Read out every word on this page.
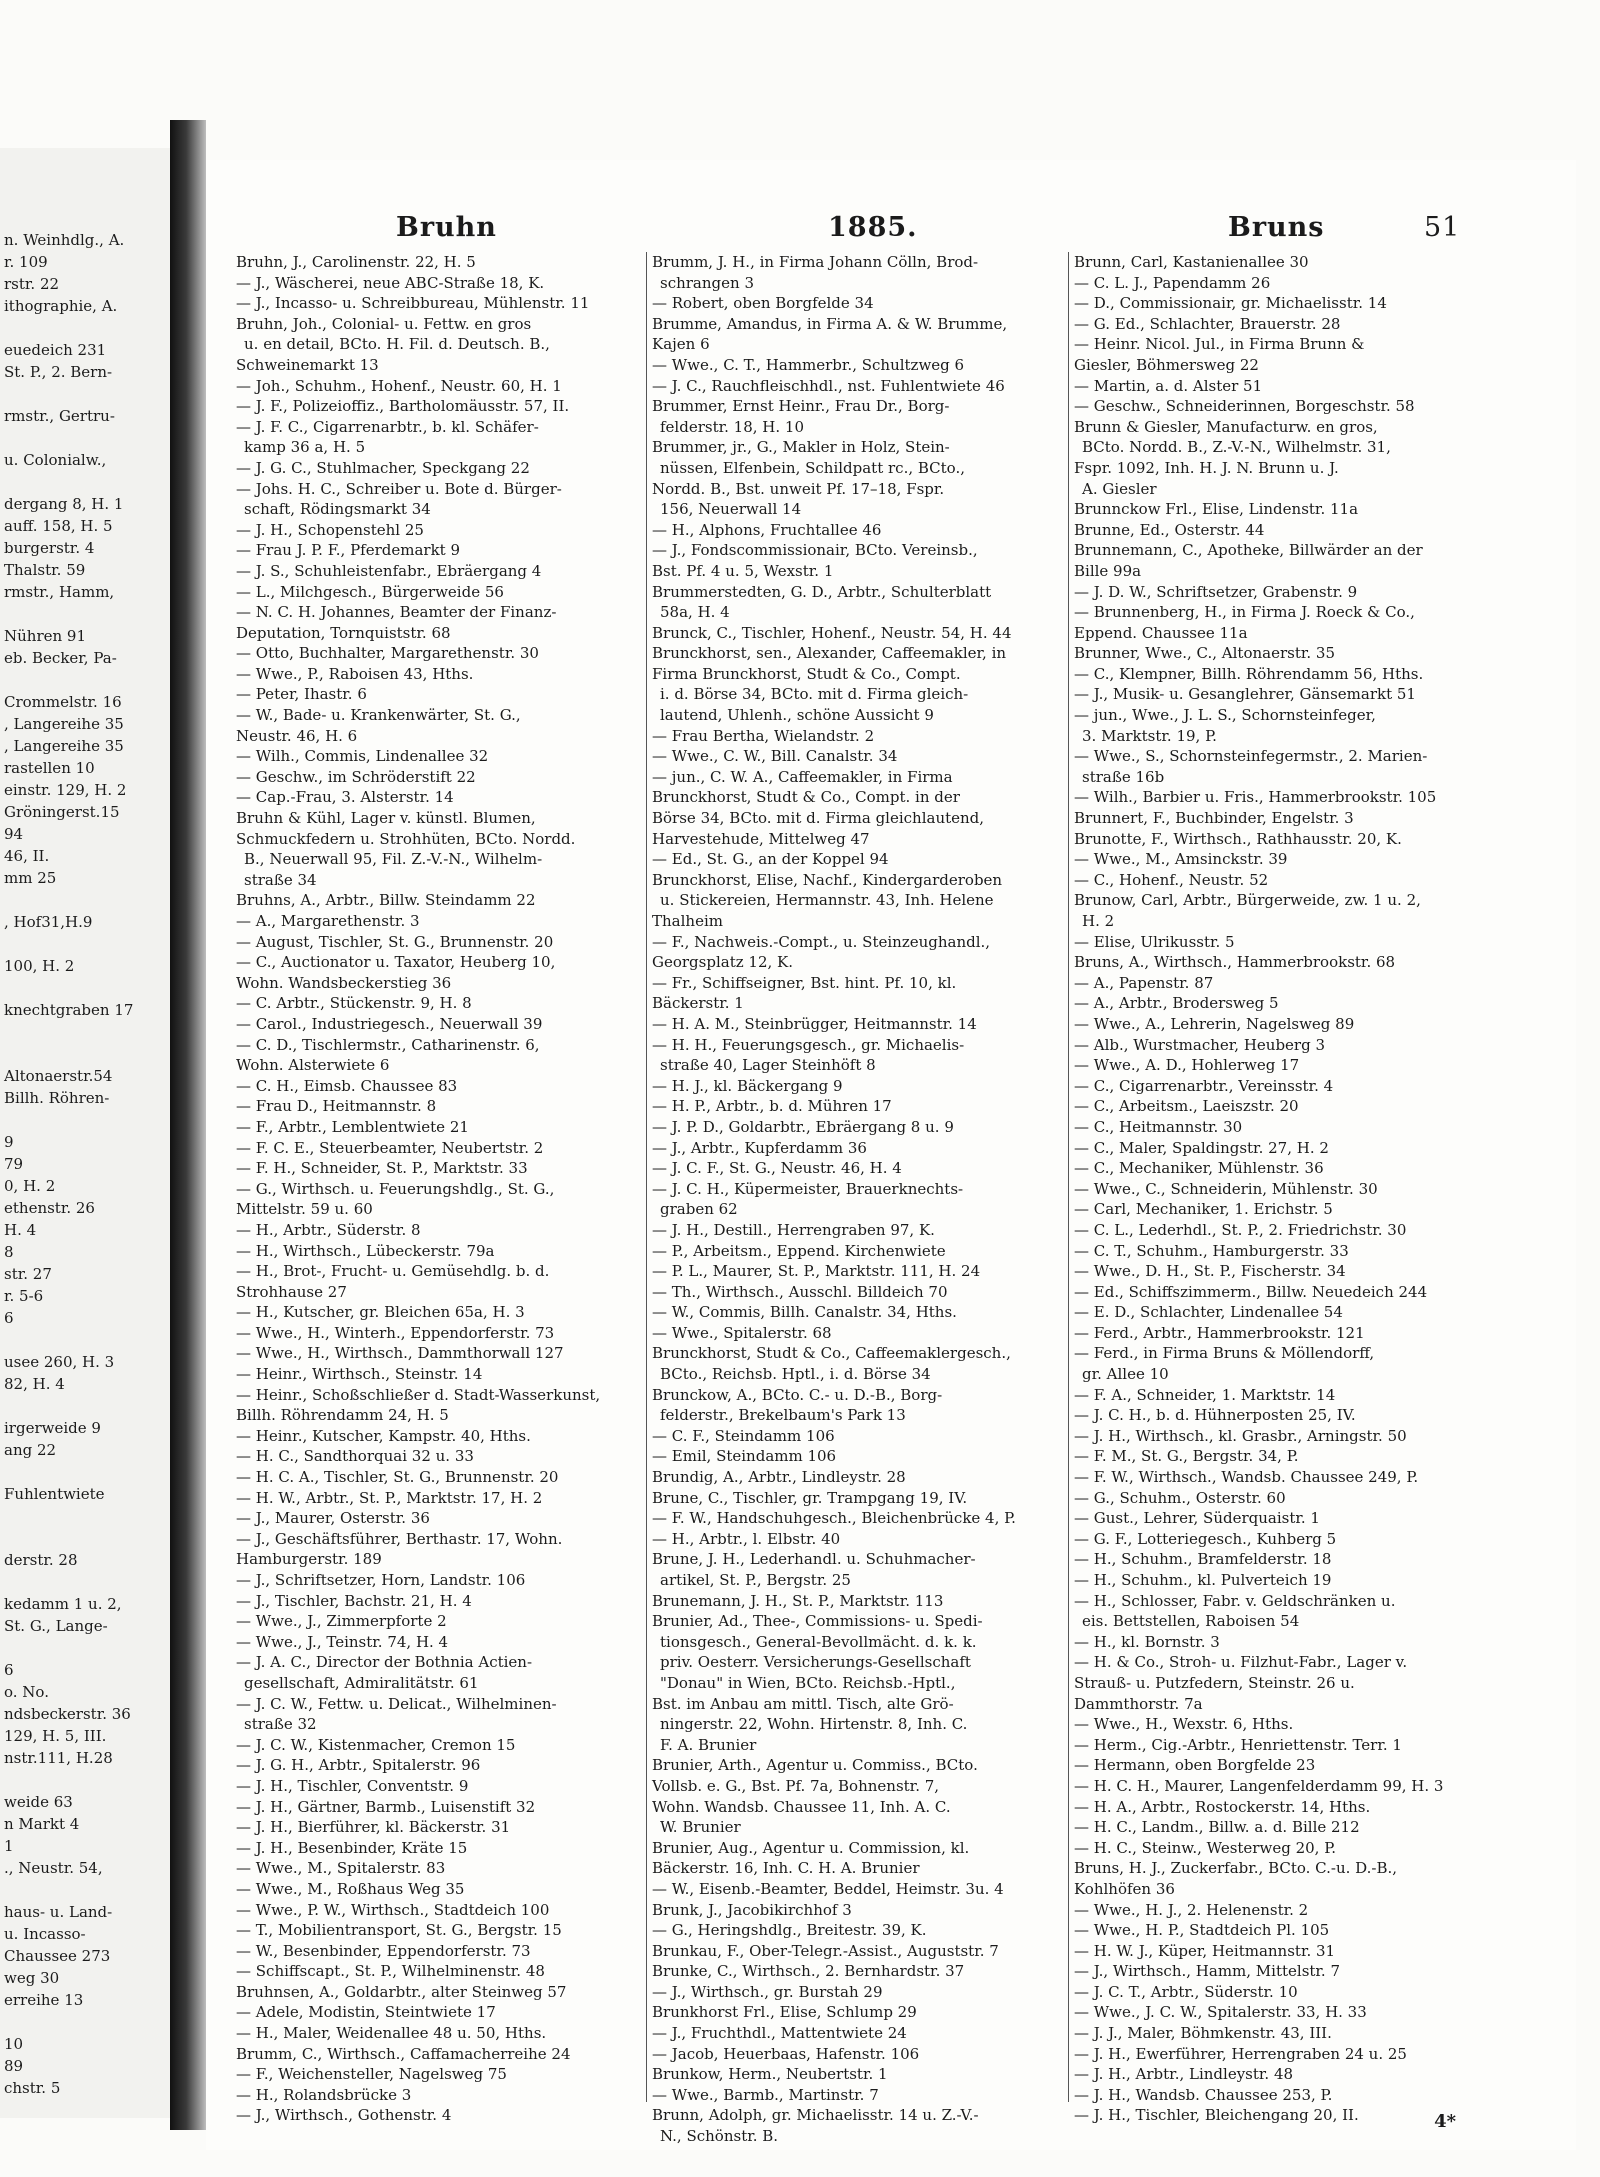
n. Weinhdlg., A.
r. 109
rstr. 22
ithographie, A.
euedeich 231
St. P., 2. Bern-
rmstr., Gertru-
u. Colonialw.,
dergang 8, H. 1
auff. 158, H. 5
burgerstr. 4
Thalstr. 59
rmstr., Hamm,
Nühren 91
eb. Becker, Pa-
Crommelstr. 16
, Langereihe 35
, Langereihe 35
rastellen 10
einstr. 129, H. 2
Gröningerst.15
94
46, II.
mm 25
, Hof31,H.9
100, H. 2
knechtgraben 17
Altonaerstr.54
Billh. Röhren-
9
79
0, H. 2
ethenstr. 26
H. 4
8
str. 27
r. 5-6
6
usee 260, H. 3
82, H. 4
irgerweide 9
ang 22
Fuhlentwiete
derstr. 28
kedamm 1 u. 2,
St. G., Lange-
6
o. No.
ndsbeckerstr. 36
129, H. 5, III.
nstr.111, H.28
weide 63
n Markt 4
1
., Neustr. 54,
haus- u. Land-
u. Incasso-
Chaussee 273
weg 30
erreihe 13
10
89
chstr. 5
Bruhn	1885.	Bruns	51
Bruhn, J., Carolinenstr. 22, H. 5
— J., Wäscherei, neue ABC-Straße 18, K.
— J., Incasso- u. Schreibbureau, Mühlenstr. 11
Bruhn, Joh., Colonial- u. Fettw. en gros
u. en detail, BCto. H. Fil. d. Deutsch. B.,
Schweinemarkt 13
— Joh., Schuhm., Hohenf., Neustr. 60, H. 1
— J. F., Polizeioffiz., Bartholomäusstr. 57, II.
— J. F. C., Cigarrenarbtr., b. kl. Schäfer-
kamp 36 a, H. 5
— J. G. C., Stuhlmacher, Speckgang 22
— Johs. H. C., Schreiber u. Bote d. Bürger-
schaft, Rödingsmarkt 34
— J. H., Schopenstehl 25
— Frau J. P. F., Pferdemarkt 9
— J. S., Schuhleistenfabr., Ebräergang 4
— L., Milchgesch., Bürgerweide 56
— N. C. H. Johannes, Beamter der Finanz-
Deputation, Tornquiststr. 68
— Otto, Buchhalter, Margarethenstr. 30
— Wwe., P., Raboisen 43, Hths.
— Peter, Ihastr. 6
— W., Bade- u. Krankenwärter, St. G.,
Neustr. 46, H. 6
— Wilh., Commis, Lindenallee 32
— Geschw., im Schröderstift 22
— Cap.-Frau, 3. Alsterstr. 14
Bruhn & Kühl, Lager v. künstl. Blumen,
Schmuckfedern u. Strohhüten, BCto. Nordd.
B., Neuerwall 95, Fil. Z.-V.-N., Wilhelm-
straße 34
Bruhns, A., Arbtr., Billw. Steindamm 22
— A., Margarethenstr. 3
— August, Tischler, St. G., Brunnenstr. 20
— C., Auctionator u. Taxator, Heuberg 10,
Wohn. Wandsbeckerstieg 36
— C. Arbtr., Stückenstr. 9, H. 8
— Carol., Industriegesch., Neuerwall 39
— C. D., Tischlermstr., Catharinenstr. 6,
Wohn. Alsterwiete 6
— C. H., Eimsb. Chaussee 83
— Frau D., Heitmannstr. 8
— F., Arbtr., Lemblentwiete 21
— F. C. E., Steuerbeamter, Neubertstr. 2
— F. H., Schneider, St. P., Marktstr. 33
— G., Wirthsch. u. Feuerungshdlg., St. G.,
Mittelstr. 59 u. 60
— H., Arbtr., Süderstr. 8
— H., Wirthsch., Lübeckerstr. 79a
— H., Brot-, Frucht- u. Gemüsehdlg. b. d.
Strohhause 27
— H., Kutscher, gr. Bleichen 65a, H. 3
— Wwe., H., Winterh., Eppendorferstr. 73
— Wwe., H., Wirthsch., Dammthorwall 127
— Heinr., Wirthsch., Steinstr. 14
— Heinr., Schoßschließer d. Stadt-Wasserkunst,
Billh. Röhrendamm 24, H. 5
— Heinr., Kutscher, Kampstr. 40, Hths.
— H. C., Sandthorquai 32 u. 33
— H. C. A., Tischler, St. G., Brunnenstr. 20
— H. W., Arbtr., St. P., Marktstr. 17, H. 2
— J., Maurer, Osterstr. 36
— J., Geschäftsführer, Berthastr. 17, Wohn.
Hamburgerstr. 189
— J., Schriftsetzer, Horn, Landstr. 106
— J., Tischler, Bachstr. 21, H. 4
— Wwe., J., Zimmerpforte 2
— Wwe., J., Teinstr. 74, H. 4
— J. A. C., Director der Bothnia Actien-
gesellschaft, Admiralitätstr. 61
— J. C. W., Fettw. u. Delicat., Wilhelminen-
straße 32
— J. C. W., Kistenmacher, Cremon 15
— J. G. H., Arbtr., Spitalerstr. 96
— J. H., Tischler, Conventstr. 9
— J. H., Gärtner, Barmb., Luisenstift 32
— J. H., Bierführer, kl. Bäckerstr. 31
— J. H., Besenbinder, Kräte 15
— Wwe., M., Spitalerstr. 83
— Wwe., M., Roßhaus Weg 35
— Wwe., P. W., Wirthsch., Stadtdeich 100
— T., Mobilientransport, St. G., Bergstr. 15
— W., Besenbinder, Eppendorferstr. 73
— Schiffscapt., St. P., Wilhelminenstr. 48
Bruhnsen, A., Goldarbtr., alter Steinweg 57
— Adele, Modistin, Steintwiete 17
— H., Maler, Weidenallee 48 u. 50, Hths.
Brumm, C., Wirthsch., Caffamacherreihe 24
— F., Weichensteller, Nagelsweg 75
— H., Rolandsbrücke 3
— J., Wirthsch., Gothenstr. 4
Brumm, J. H., in Firma Johann Cölln, Brod-
schrangen 3
— Robert, oben Borgfelde 34
Brumme, Amandus, in Firma A. & W. Brumme,
Kajen 6
— Wwe., C. T., Hammerbr., Schultzweg 6
— J. C., Rauchfleischhdl., nst. Fuhlentwiete 46
Brummer, Ernst Heinr., Frau Dr., Borg-
felderstr. 18, H. 10
Brummer, jr., G., Makler in Holz, Stein-
nüssen, Elfenbein, Schildpatt rc., BCto.,
Nordd. B., Bst. unweit Pf. 17–18, Fspr.
156, Neuerwall 14
— H., Alphons, Fruchtallee 46
— J., Fondscommissionair, BCto. Vereinsb.,
Bst. Pf. 4 u. 5, Wexstr. 1
Brummerstedten, G. D., Arbtr., Schulterblatt
58a, H. 4
Brunck, C., Tischler, Hohenf., Neustr. 54, H. 44
Brunckhorst, sen., Alexander, Caffeemakler, in
Firma Brunckhorst, Studt & Co., Compt.
i. d. Börse 34, BCto. mit d. Firma gleich-
lautend, Uhlenh., schöne Aussicht 9
— Frau Bertha, Wielandstr. 2
— Wwe., C. W., Bill. Canalstr. 34
— jun., C. W. A., Caffeemakler, in Firma
Brunckhorst, Studt & Co., Compt. in der
Börse 34, BCto. mit d. Firma gleichlautend,
Harvestehude, Mittelweg 47
— Ed., St. G., an der Koppel 94
Brunckhorst, Elise, Nachf., Kindergarderoben
u. Stickereien, Hermannstr. 43, Inh. Helene
Thalheim
— F., Nachweis.-Compt., u. Steinzeughandl.,
Georgsplatz 12, K.
— Fr., Schiffseigner, Bst. hint. Pf. 10, kl.
Bäckerstr. 1
— H. A. M., Steinbrügger, Heitmannstr. 14
— H. H., Feuerungsgesch., gr. Michaelis-
straße 40, Lager Steinhöft 8
— H. J., kl. Bäckergang 9
— H. P., Arbtr., b. d. Mühren 17
— J. P. D., Goldarbtr., Ebräergang 8 u. 9
— J., Arbtr., Kupferdamm 36
— J. C. F., St. G., Neustr. 46, H. 4
— J. C. H., Küpermeister, Brauerknechts-
graben 62
— J. H., Destill., Herrengraben 97, K.
— P., Arbeitsm., Eppend. Kirchenwiete
— P. L., Maurer, St. P., Marktstr. 111, H. 24
— Th., Wirthsch., Ausschl. Billdeich 70
— W., Commis, Billh. Canalstr. 34, Hths.
— Wwe., Spitalerstr. 68
Brunckhorst, Studt & Co., Caffeemaklergesch.,
BCto., Reichsb. Hptl., i. d. Börse 34
Brunckow, A., BCto. C.- u. D.-B., Borg-
felderstr., Brekelbaum's Park 13
— C. F., Steindamm 106
— Emil, Steindamm 106
Brundig, A., Arbtr., Lindleystr. 28
Brune, C., Tischler, gr. Trampgang 19, IV.
— F. W., Handschuhgesch., Bleichenbrücke 4, P.
— H., Arbtr., l. Elbstr. 40
Brune, J. H., Lederhandl. u. Schuhmacher-
artikel, St. P., Bergstr. 25
Brunemann, J. H., St. P., Marktstr. 113
Brunier, Ad., Thee-, Commissions- u. Spedi-
tionsgesch., General-Bevollmächt. d. k. k.
priv. Oesterr. Versicherungs-Gesellschaft
"Donau" in Wien, BCto. Reichsb.-Hptl.,
Bst. im Anbau am mittl. Tisch, alte Grö-
ningerstr. 22, Wohn. Hirtenstr. 8, Inh. C.
F. A. Brunier
Brunier, Arth., Agentur u. Commiss., BCto.
Vollsb. e. G., Bst. Pf. 7a, Bohnenstr. 7,
Wohn. Wandsb. Chaussee 11, Inh. A. C.
W. Brunier
Brunier, Aug., Agentur u. Commission, kl.
Bäckerstr. 16, Inh. C. H. A. Brunier
— W., Eisenb.-Beamter, Beddel, Heimstr. 3u. 4
Brunk, J., Jacobikirchhof 3
— G., Heringshdlg., Breitestr. 39, K.
Brunkau, F., Ober-Telegr.-Assist., Auguststr. 7
Brunke, C., Wirthsch., 2. Bernhardstr. 37
— J., Wirthsch., gr. Burstah 29
Brunkhorst Frl., Elise, Schlump 29
— J., Fruchthdl., Mattentwiete 24
— Jacob, Heuerbaas, Hafenstr. 106
Brunkow, Herm., Neubertstr. 1
— Wwe., Barmb., Martinstr. 7
Brunn, Adolph, gr. Michaelisstr. 14 u. Z.-V.-
N., Schönstr. B.
Brunn, Carl, Kastanienallee 30
— C. L. J., Papendamm 26
— D., Commissionair, gr. Michaelisstr. 14
— G. Ed., Schlachter, Brauerstr. 28
— Heinr. Nicol. Jul., in Firma Brunn &
Giesler, Böhmersweg 22
— Martin, a. d. Alster 51
— Geschw., Schneiderinnen, Borgeschstr. 58
Brunn & Giesler, Manufacturw. en gros,
BCto. Nordd. B., Z.-V.-N., Wilhelmstr. 31,
Fspr. 1092, Inh. H. J. N. Brunn u. J.
A. Giesler
Brunnckow Frl., Elise, Lindenstr. 11a
Brunne, Ed., Osterstr. 44
Brunnemann, C., Apotheke, Billwärder an der
Bille 99a
— J. D. W., Schriftsetzer, Grabenstr. 9
— Brunnenberg, H., in Firma J. Roeck & Co.,
Eppend. Chaussee 11a
Brunner, Wwe., C., Altonaerstr. 35
— C., Klempner, Billh. Röhrendamm 56, Hths.
— J., Musik- u. Gesanglehrer, Gänsemarkt 51
— jun., Wwe., J. L. S., Schornsteinfeger,
3. Marktstr. 19, P.
— Wwe., S., Schornsteinfegermstr., 2. Marien-
straße 16b
— Wilh., Barbier u. Fris., Hammerbrookstr. 105
Brunnert, F., Buchbinder, Engelstr. 3
Brunotte, F., Wirthsch., Rathhausstr. 20, K.
— Wwe., M., Amsinckstr. 39
— C., Hohenf., Neustr. 52
Brunow, Carl, Arbtr., Bürgerweide, zw. 1 u. 2,
H. 2
— Elise, Ulrikusstr. 5
Bruns, A., Wirthsch., Hammerbrookstr. 68
— A., Papenstr. 87
— A., Arbtr., Brodersweg 5
— Wwe., A., Lehrerin, Nagelsweg 89
— Alb., Wurstmacher, Heuberg 3
— Wwe., A. D., Hohlerweg 17
— C., Cigarrenarbtr., Vereinsstr. 4
— C., Arbeitsm., Laeiszstr. 20
— C., Heitmannstr. 30
— C., Maler, Spaldingstr. 27, H. 2
— C., Mechaniker, Mühlenstr. 36
— Wwe., C., Schneiderin, Mühlenstr. 30
— Carl, Mechaniker, 1. Erichstr. 5
— C. L., Lederhdl., St. P., 2. Friedrichstr. 30
— C. T., Schuhm., Hamburgerstr. 33
— Wwe., D. H., St. P., Fischerstr. 34
— Ed., Schiffszimmerm., Billw. Neuedeich 244
— E. D., Schlachter, Lindenallee 54
— Ferd., Arbtr., Hammerbrookstr. 121
— Ferd., in Firma Bruns & Möllendorff,
gr. Allee 10
— F. A., Schneider, 1. Marktstr. 14
— J. C. H., b. d. Hühnerposten 25, IV.
— J. H., Wirthsch., kl. Grasbr., Arningstr. 50
— F. M., St. G., Bergstr. 34, P.
— F. W., Wirthsch., Wandsb. Chaussee 249, P.
— G., Schuhm., Osterstr. 60
— Gust., Lehrer, Süderquaistr. 1
— G. F., Lotteriegesch., Kuhberg 5
— H., Schuhm., Bramfelderstr. 18
— H., Schuhm., kl. Pulverteich 19
— H., Schlosser, Fabr. v. Geldschränken u.
eis. Bettstellen, Raboisen 54
— H., kl. Bornstr. 3
— H. & Co., Stroh- u. Filzhut-Fabr., Lager v.
Strauß- u. Putzfedern, Steinstr. 26 u.
Dammthorstr. 7a
— Wwe., H., Wexstr. 6, Hths.
— Herm., Cig.-Arbtr., Henriettenstr. Terr. 1
— Hermann, oben Borgfelde 23
— H. C. H., Maurer, Langenfelderdamm 99, H. 3
— H. A., Arbtr., Rostockerstr. 14, Hths.
— H. C., Landm., Billw. a. d. Bille 212
— H. C., Steinw., Westerweg 20, P.
Bruns, H. J., Zuckerfabr., BCto. C.-u. D.-B.,
Kohlhöfen 36
— Wwe., H. J., 2. Helenenstr. 2
— Wwe., H. P., Stadtdeich Pl. 105
— H. W. J., Küper, Heitmannstr. 31
— J., Wirthsch., Hamm, Mittelstr. 7
— J. C. T., Arbtr., Süderstr. 10
— Wwe., J. C. W., Spitalerstr. 33, H. 33
— J. J., Maler, Böhmkenstr. 43, III.
— J. H., Ewerführer, Herrengraben 24 u. 25
— J. H., Arbtr., Lindleystr. 48
— J. H., Wandsb. Chaussee 253, P.
— J. H., Tischler, Bleichengang 20, II.	4*
